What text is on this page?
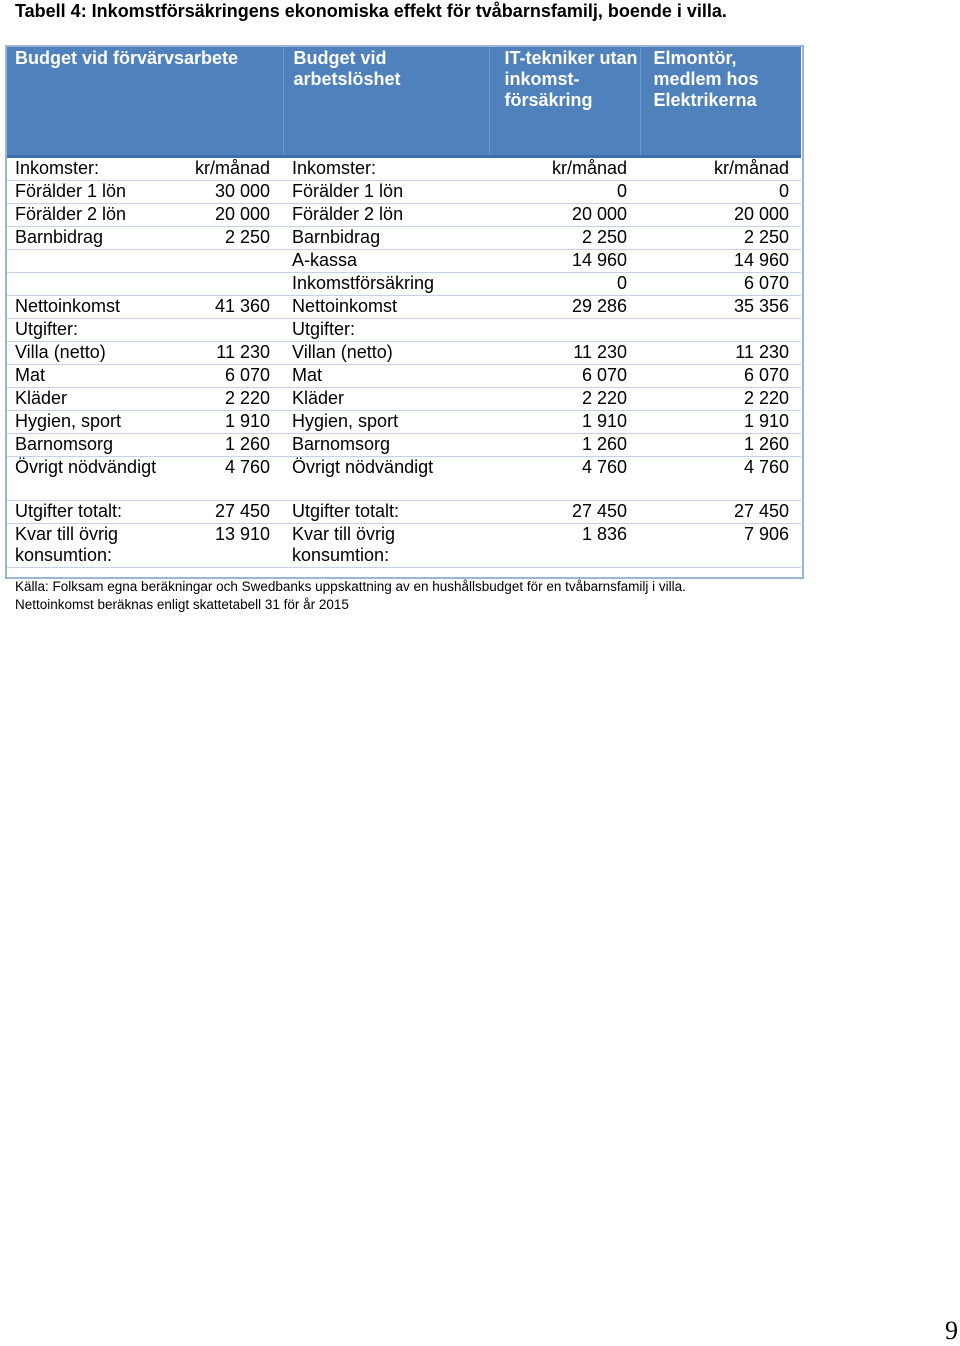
Tabell 4: Inkomstförsäkringens ekonomiska effekt för tvåbarnsfamilj, boende i villa.
Budget vid förvärvsarbete		Budget vid arbetslöshet	IT-tekniker utan inkomst-försäkring	Elmontör, medlem hos Elektrikerna
Inkomster:	kr/månad	Inkomster:	kr/månad	kr/månad
Förälder 1 lön	30 000	Förälder 1 lön	0	0
Förälder 2 lön	20 000	Förälder 2 lön	20 000	20 000
Barnbidrag	2 250	Barnbidrag	2 250	2 250
		A-kassa	14 960	14 960
		Inkomstförsäkring	0	6 070
Nettoinkomst	41 360	Nettoinkomst	29 286	35 356
Utgifter:		Utgifter:		
Villa (netto)	11 230	Villan (netto)	11 230	11 230
Mat	6 070	Mat	6 070	6 070
Kläder	2 220	Kläder	2 220	2 220
Hygien, sport	1 910	Hygien, sport	1 910	1 910
Barnomsorg	1 260	Barnomsorg	1 260	1 260
Övrigt nödvändigt	4 760	Övrigt nödvändigt	4 760	4 760
Utgifter totalt:	27 450	Utgifter totalt:	27 450	27 450
Kvar till övrig konsumtion:	13 910	Kvar till övrig konsumtion:	1 836	7 906
Källa: Folksam egna beräkningar och Swedbanks uppskattning av en hushållsbudget för en tvåbarnsfamilj i villa.
Nettoinkomst beräknas enligt skattetabell 31 för år 2015
9
